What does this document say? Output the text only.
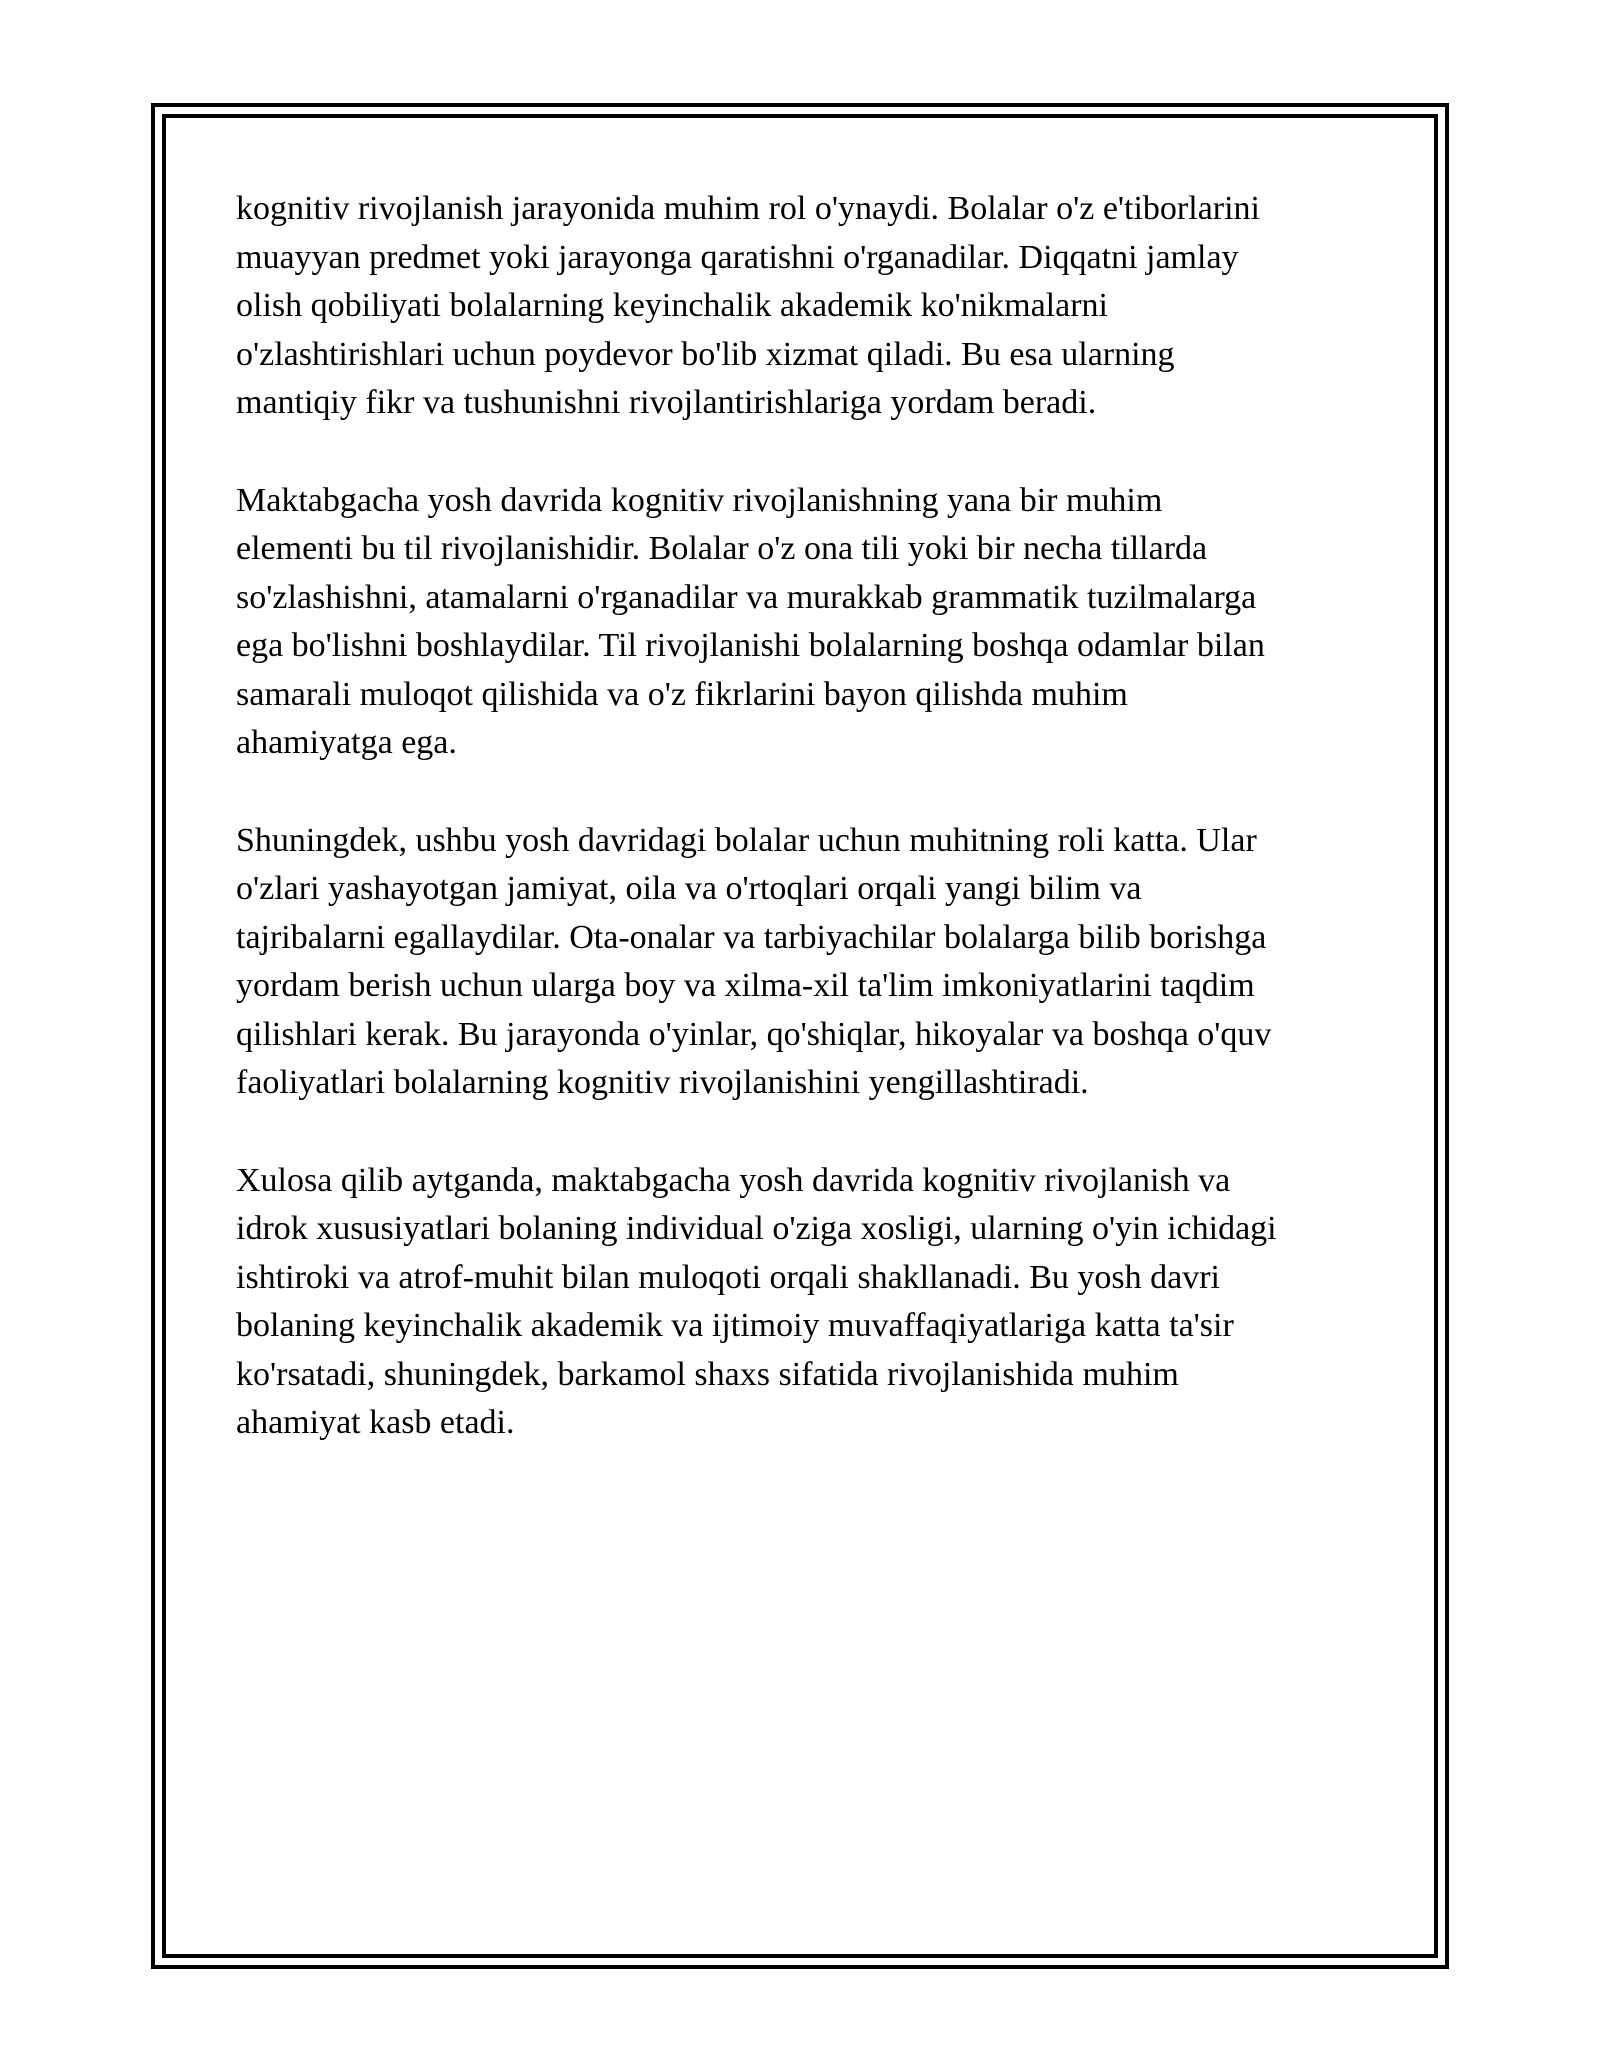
kognitiv rivojlanish jarayonida muhim rol o'ynaydi. Bolalar o'z e'tiborlarini
muayyan predmet yoki jarayonga qaratishni o'rganadilar. Diqqatni jamlay
olish qobiliyati bolalarning keyinchalik akademik ko'nikmalarni
o'zlashtirishlari uchun poydevor bo'lib xizmat qiladi. Bu esa ularning
mantiqiy fikr va tushunishni rivojlantirishlariga yordam beradi.

Maktabgacha yosh davrida kognitiv rivojlanishning yana bir muhim
elementi bu til rivojlanishidir. Bolalar o'z ona tili yoki bir necha tillarda
so'zlashishni, atamalarni o'rganadilar va murakkab grammatik tuzilmalarga
ega bo'lishni boshlaydilar. Til rivojlanishi bolalarning boshqa odamlar bilan
samarali muloqot qilishida va o'z fikrlarini bayon qilishda muhim
ahamiyatga ega.

Shuningdek, ushbu yosh davridagi bolalar uchun muhitning roli katta. Ular
o'zlari yashayotgan jamiyat, oila va o'rtoqlari orqali yangi bilim va
tajribalarni egallaydilar. Ota-onalar va tarbiyachilar bolalarga bilib borishga
yordam berish uchun ularga boy va xilma-xil ta'lim imkoniyatlarini taqdim
qilishlari kerak. Bu jarayonda o'yinlar, qo'shiqlar, hikoyalar va boshqa o'quv
faoliyatlari bolalarning kognitiv rivojlanishini yengillashtiradi.

Xulosa qilib aytganda, maktabgacha yosh davrida kognitiv rivojlanish va
idrok xususiyatlari bolaning individual o'ziga xosligi, ularning o'yin ichidagi
ishtiroki va atrof-muhit bilan muloqoti orqali shakllanadi. Bu yosh davri
bolaning keyinchalik akademik va ijtimoiy muvaffaqiyatlariga katta ta'sir
ko'rsatadi, shuningdek, barkamol shaxs sifatida rivojlanishida muhim
ahamiyat kasb etadi.
